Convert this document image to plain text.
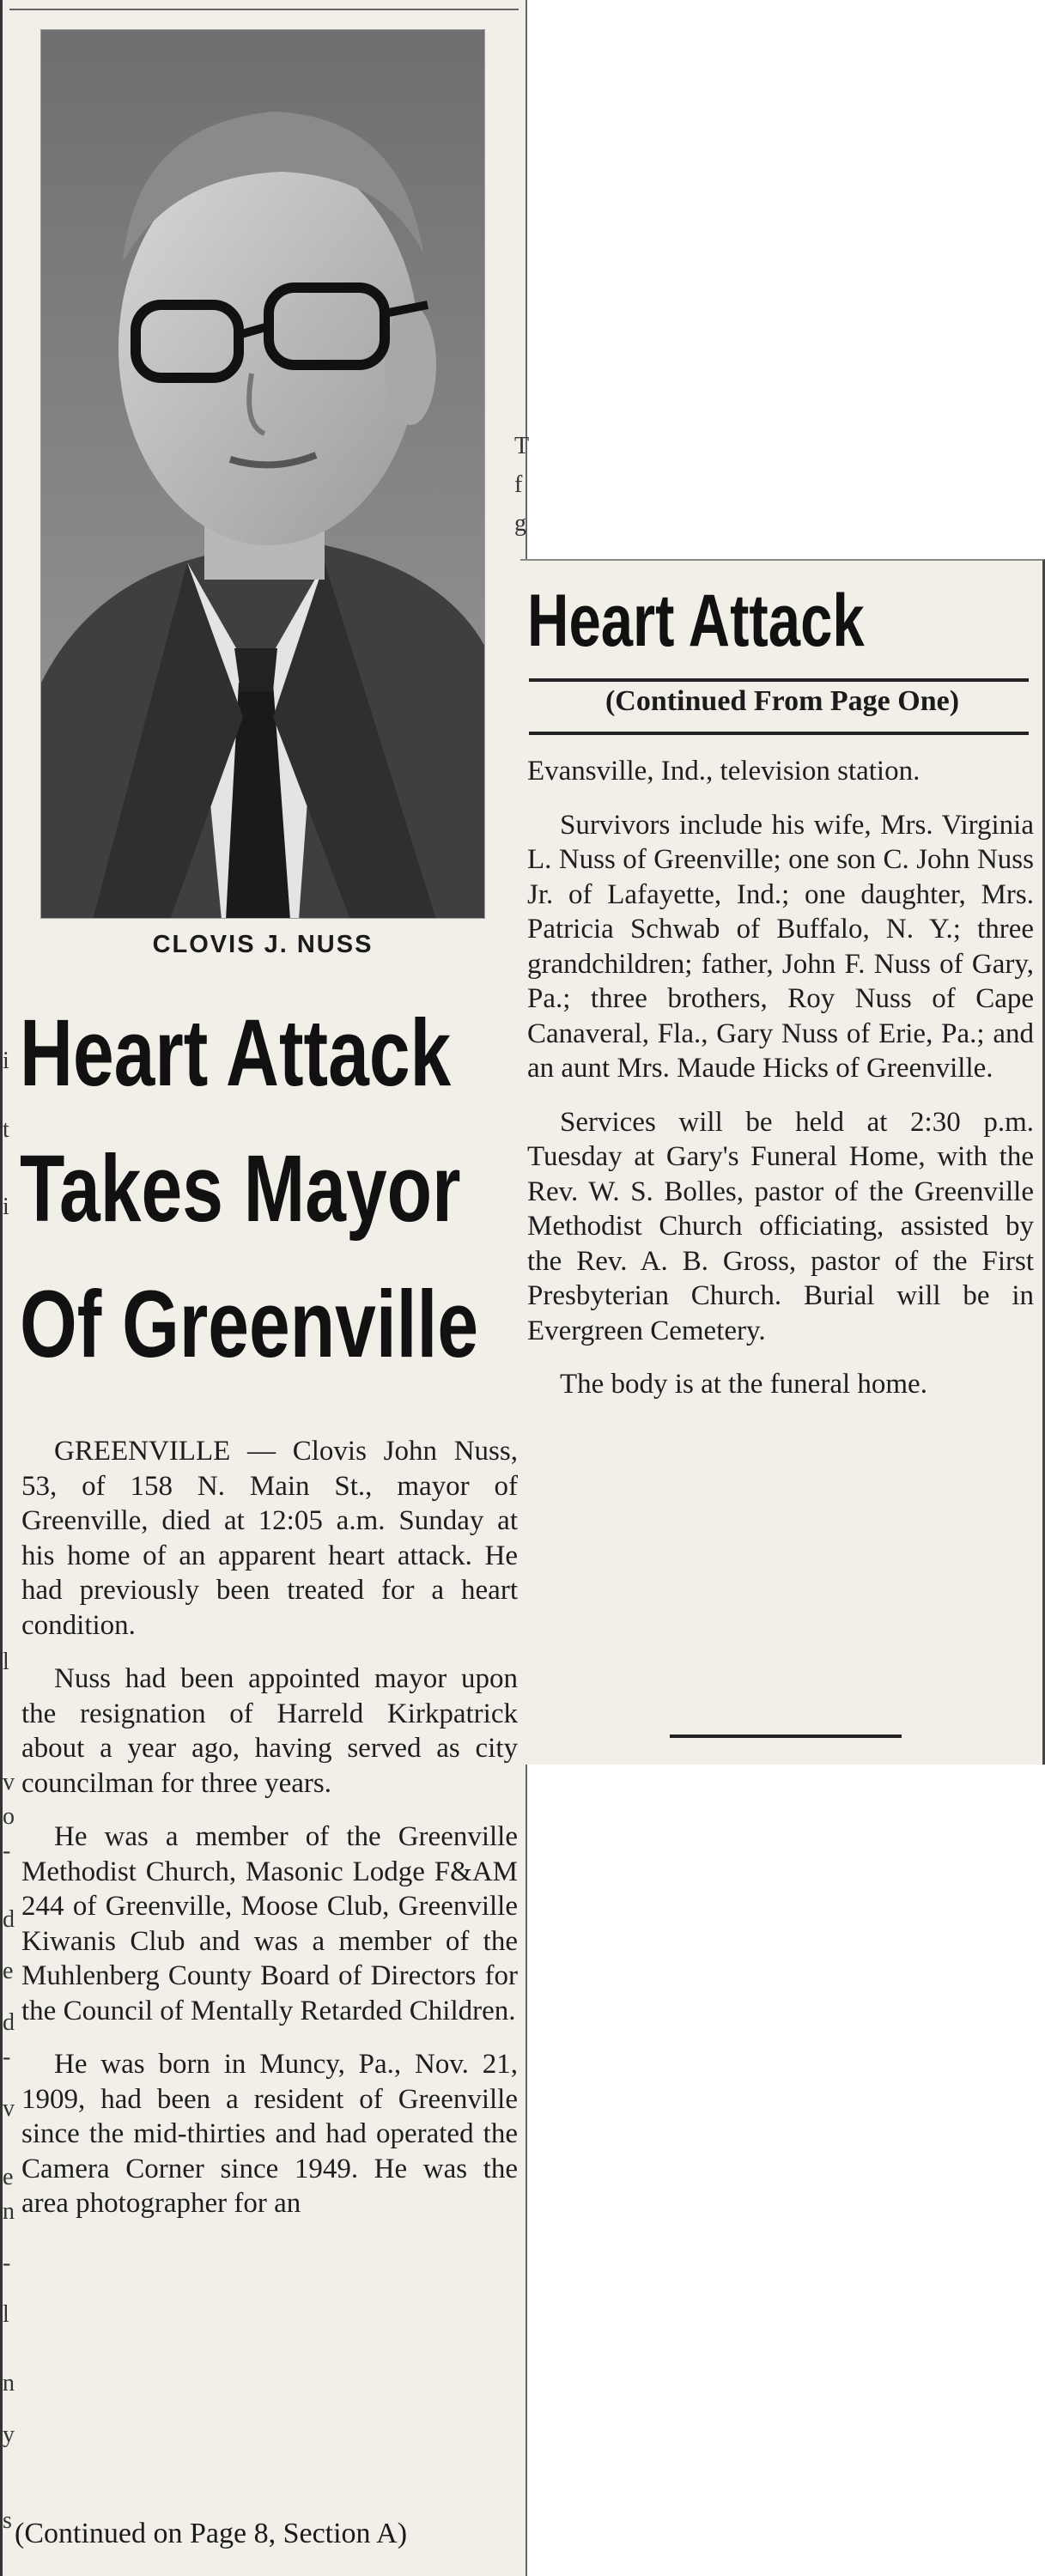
CLOVIS J. NUSS
Heart Attack
Takes Mayor
Of Greenville

GREENVILLE — Clovis John Nuss, 53, of 158 N. Main St., mayor of Greenville, died at 12:05 a.m. Sunday at his home of an apparent heart attack. He had previously been treated for a heart condition.

Nuss had been appointed mayor upon the resignation of Harreld Kirkpatrick about a year ago, having served as city councilman for three years.

He was a member of the Greenville Methodist Church, Masonic Lodge F&AM 244 of Greenville, Moose Club, Greenville Kiwanis Club and was a member of the Muhlenberg County Board of Directors for the Council of Mentally Retarded Children.

He was born in Muncy, Pa., Nov. 21, 1909, had been a resident of Greenville since the mid-thirties and had operated the Camera Corner since 1949. He was the area photographer for an

(Continued on Page 8, Section A)
i
t
i
l
v
o
-
d
e
d
-
v
e
n
-
l
n
y
s
T
f
g
Heart Attack
(Continued From Page One)

Evansville, Ind., television station.

Survivors include his wife, Mrs. Virginia L. Nuss of Greenville; one son C. John Nuss Jr. of Lafayette, Ind.; one daughter, Mrs. Patricia Schwab of Buffalo, N. Y.; three grandchildren; father, John F. Nuss of Gary, Pa.; three brothers, Roy Nuss of Cape Canaveral, Fla., Gary Nuss of Erie, Pa.; and an aunt Mrs. Maude Hicks of Greenville.

Services will be held at 2:30 p.m. Tuesday at Gary's Funeral Home, with the Rev. W. S. Bolles, pastor of the Greenville Methodist Church officiating, assisted by the Rev. A. B. Gross, pastor of the First Presbyterian Church. Burial will be in Evergreen Cemetery.

The body is at the funeral home.
